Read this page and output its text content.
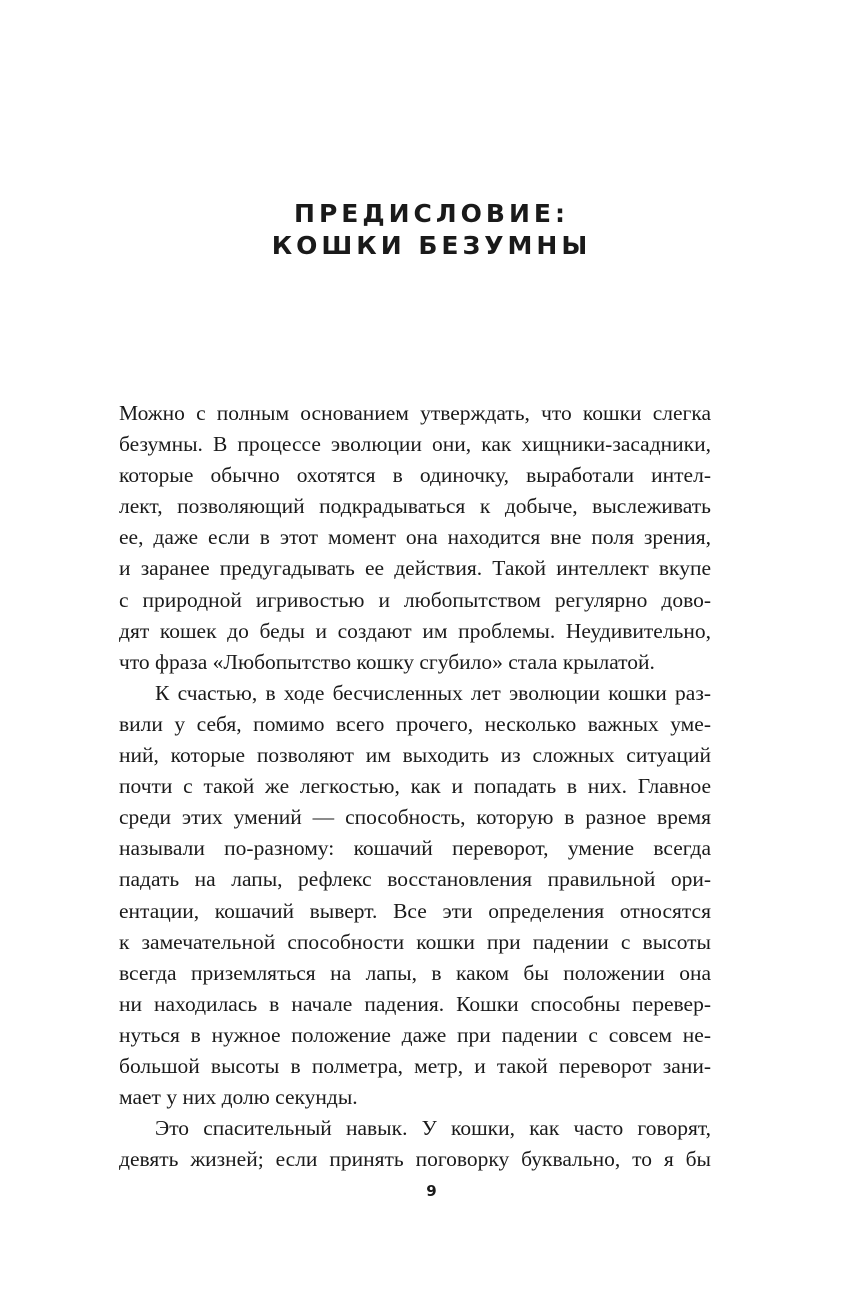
ПРЕДИСЛОВИЕ:
КОШКИ БЕЗУМНЫ
Можно с полным основанием утверждать, что кошки слегка
безумны. В процессе эволюции они, как хищники-засадники,
которые обычно охотятся в одиночку, выработали интел-
лект, позволяющий подкрадываться к добыче, выслеживать
ее, даже если в этот момент она находится вне поля зрения,
и заранее предугадывать ее действия. Такой интеллект вкупе
с природной игривостью и любопытством регулярно дово-
дят кошек до беды и создают им проблемы. Неудивительно,
что фраза «Любопытство кошку сгубило» стала крылатой.
К счастью, в ходе бесчисленных лет эволюции кошки раз-
вили у себя, помимо всего прочего, несколько важных уме-
ний, которые позволяют им выходить из сложных ситуаций
почти с такой же легкостью, как и попадать в них. Главное
среди этих умений — способность, которую в разное время
называли по-разному: кошачий переворот, умение всегда
падать на лапы, рефлекс восстановления правильной ори-
ентации, кошачий выверт. Все эти определения относятся
к замечательной способности кошки при падении с высоты
всегда приземляться на лапы, в каком бы положении она
ни находилась в начале падения. Кошки способны перевер-
нуться в нужное положение даже при падении с совсем не-
большой высоты в полметра, метр, и такой переворот зани-
мает у них долю секунды.
Это спасительный навык. У кошки, как часто говорят,
девять жизней; если принять поговорку буквально, то я бы
9
